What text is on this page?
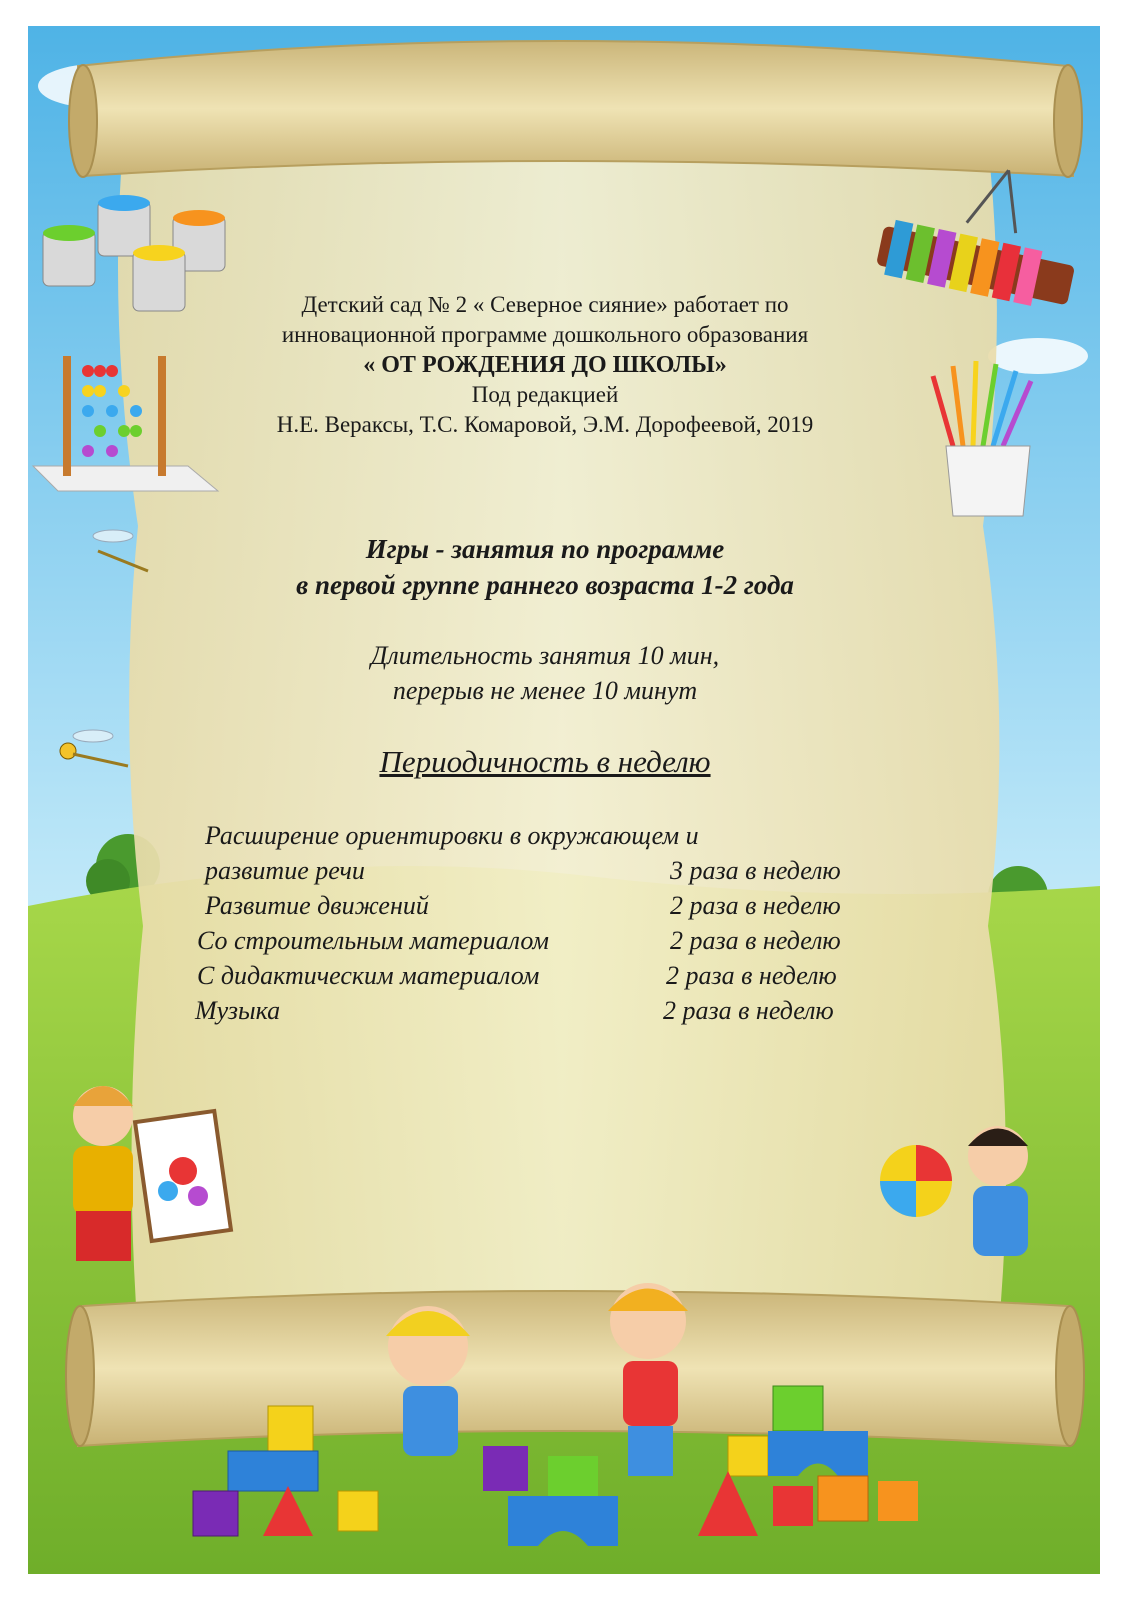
Детский сад № 2 « Северное сияние» работает по
инновационной программе дошкольного образования
« ОТ РОЖДЕНИЯ ДО ШКОЛЫ»
Под редакцией
Н.Е. Вераксы, Т.С. Комаровой, Э.М. Дорофеевой, 2019
Игры - занятия по программе
в первой группе раннего возраста 1-2 года
Длительность занятия 10 мин,
перерыв не менее 10 минут
Периодичность в неделю
Расширение ориентировки в окружающем и
развитие речи	3 раза в неделю
Развитие движений	2 раза в неделю
Со строительным материалом	2 раза в неделю
С дидактическим материалом	2 раза в неделю
Музыка	2 раза в неделю
